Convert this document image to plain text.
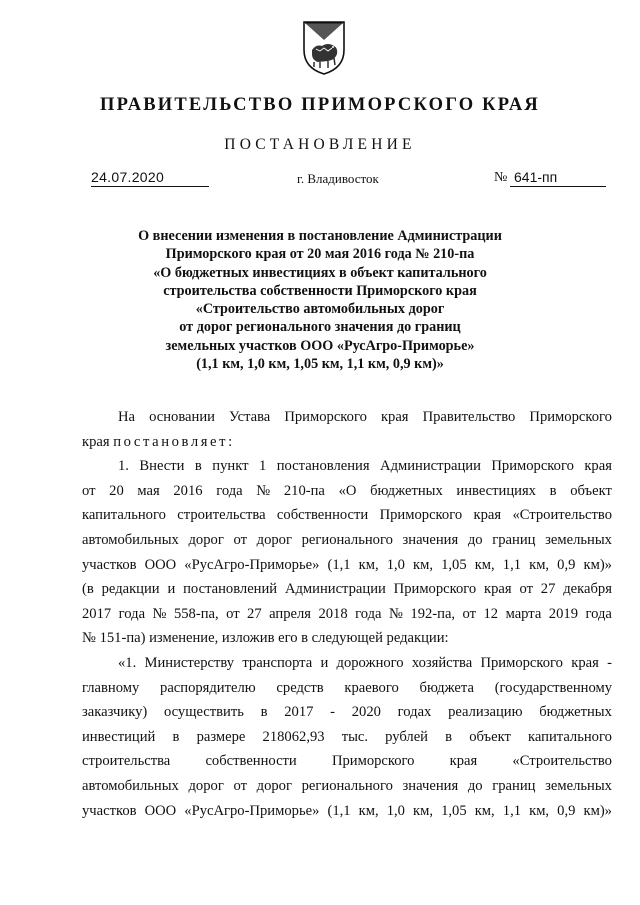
ПРАВИТЕЛЬСТВО ПРИМОРСКОГО КРАЯ
ПОСТАНОВЛЕНИЕ
24.07.2020	г. Владивосток	№ 641-пп
О внесении изменения в постановление Администрации
Приморского края от 20 мая 2016 года № 210-па
«О бюджетных инвестициях в объект капитального
строительства собственности Приморского края
«Строительство автомобильных дорог
от дорог регионального значения до границ
земельных участков ООО «РусАгро-Приморье»
(1,1 км, 1,0 км, 1,05 км, 1,1 км, 0,9 км)»
На основании Устава Приморского края Правительство Приморского
края постановляет:
1. Внести в пункт 1 постановления Администрации Приморского края
от 20 мая 2016 года № 210-па «О бюджетных инвестициях в объект
капитального строительства собственности Приморского края «Строительство
автомобильных дорог от дорог регионального значения до границ земельных
участков ООО «РусАгро-Приморье» (1,1 км, 1,0 км, 1,05 км, 1,1 км, 0,9 км)»
(в редакции и постановлений Администрации Приморского края от 27 декабря
2017 года № 558-па, от 27 апреля 2018 года № 192-па, от 12 марта 2019 года
№ 151-па) изменение, изложив его в следующей редакции:
«1. Министерству транспорта и дорожного хозяйства Приморского края -
главному распорядителю средств краевого бюджета (государственному
заказчику) осуществить в 2017 - 2020 годах реализацию бюджетных
инвестиций в размере 218062,93 тыс. рублей в объект капитального
строительства собственности Приморского края «Строительство
автомобильных дорог от дорог регионального значения до границ земельных
участков ООО «РусАгро-Приморье» (1,1 км, 1,0 км, 1,05 км, 1,1 км, 0,9 км)»
